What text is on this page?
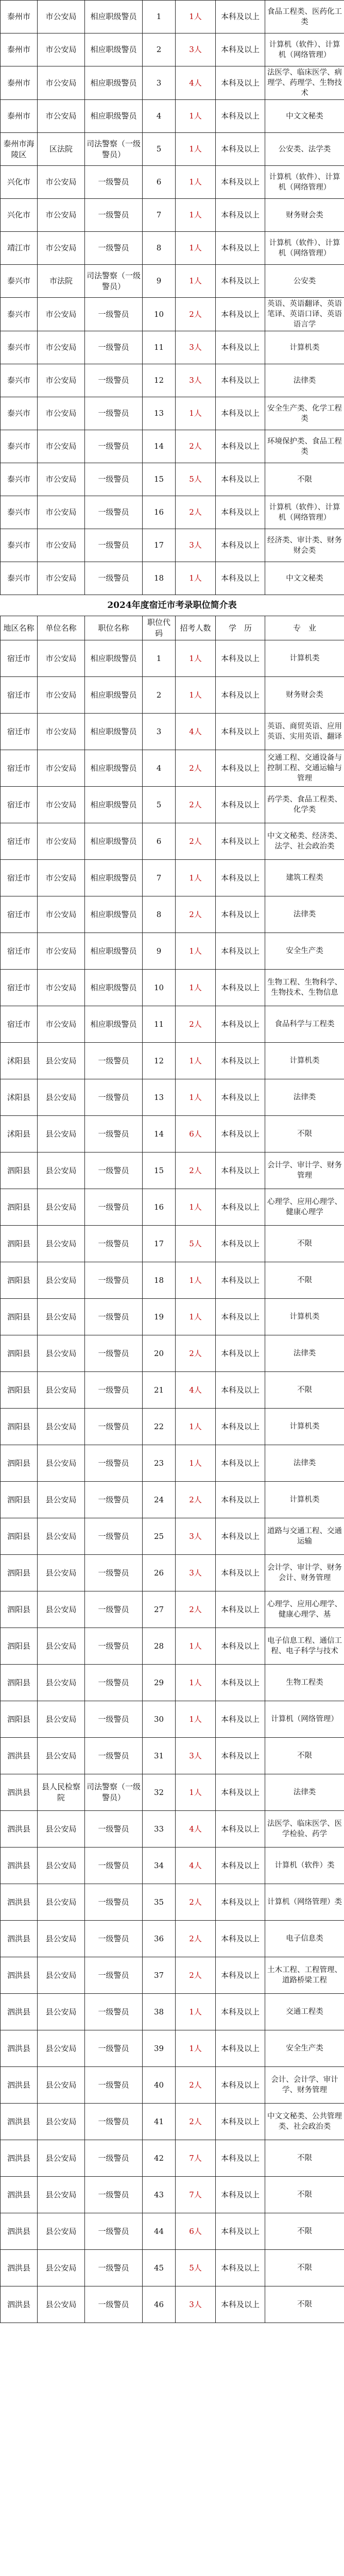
泰州市	市公安局	相应职级警员	1	1人	本科及以上	食品工程类、医药化工类
泰州市	市公安局	相应职级警员	2	3人	本科及以上	计算机（软件）、计算机（网络管理）
泰州市	市公安局	相应职级警员	3	4人	本科及以上	法医学、临床医学、病理学、药理学、生物技术
泰州市	市公安局	相应职级警员	4	1人	本科及以上	中文文秘类
泰州市海陵区	区法院	司法警察（一级警员）	5	1人	本科及以上	公安类、法学类
兴化市	市公安局	一级警员	6	1人	本科及以上	计算机（软件）、计算机（网络管理）
兴化市	市公安局	一级警员	7	1人	本科及以上	财务财会类
靖江市	市公安局	一级警员	8	1人	本科及以上	计算机（软件）、计算机（网络管理）
泰兴市	市法院	司法警察（一级警员）	9	1人	本科及以上	公安类
泰兴市	市公安局	一级警员	10	2人	本科及以上	英语、英语翻译、英语笔译、英语口译、英语语言学
泰兴市	市公安局	一级警员	11	3人	本科及以上	计算机类
泰兴市	市公安局	一级警员	12	3人	本科及以上	法律类
泰兴市	市公安局	一级警员	13	1人	本科及以上	安全生产类、化学工程类
泰兴市	市公安局	一级警员	14	2人	本科及以上	环境保护类、食品工程类
泰兴市	市公安局	一级警员	15	5人	本科及以上	不限
泰兴市	市公安局	一级警员	16	2人	本科及以上	计算机（软件）、计算机（网络管理）
泰兴市	市公安局	一级警员	17	3人	本科及以上	经济类、审计类、财务财会类
泰兴市	市公安局	一级警员	18	1人	本科及以上	中文文秘类
2024年度宿迁市考录职位简介表
地区名称	单位名称	职位名称	职位代码	招考人数	学　历	专　业
宿迁市	市公安局	相应职级警员	1	1人	本科及以上	计算机类
宿迁市	市公安局	相应职级警员	2	1人	本科及以上	财务财会类
宿迁市	市公安局	相应职级警员	3	4人	本科及以上	英语、商贸英语、应用英语、实用英语、翻译
宿迁市	市公安局	相应职级警员	4	2人	本科及以上	交通工程、交通设备与控制工程、交通运输与管理
宿迁市	市公安局	相应职级警员	5	2人	本科及以上	药学类、食品工程类、化学类
宿迁市	市公安局	相应职级警员	6	2人	本科及以上	中文文秘类、经济类、法学、社会政治类
宿迁市	市公安局	相应职级警员	7	1人	本科及以上	建筑工程类
宿迁市	市公安局	相应职级警员	8	2人	本科及以上	法律类
宿迁市	市公安局	相应职级警员	9	1人	本科及以上	安全生产类
宿迁市	市公安局	相应职级警员	10	1人	本科及以上	生物工程、生物科学、生物技术、生物信息
宿迁市	市公安局	相应职级警员	11	2人	本科及以上	食品科学与工程类
沭阳县	县公安局	一级警员	12	1人	本科及以上	计算机类
沭阳县	县公安局	一级警员	13	1人	本科及以上	法律类
沭阳县	县公安局	一级警员	14	6人	本科及以上	不限
泗阳县	县公安局	一级警员	15	2人	本科及以上	会计学、审计学、财务管理
泗阳县	县公安局	一级警员	16	1人	本科及以上	心理学、应用心理学、健康心理学
泗阳县	县公安局	一级警员	17	5人	本科及以上	不限
泗阳县	县公安局	一级警员	18	1人	本科及以上	不限
泗阳县	县公安局	一级警员	19	1人	本科及以上	计算机类
泗阳县	县公安局	一级警员	20	2人	本科及以上	法律类
泗阳县	县公安局	一级警员	21	4人	本科及以上	不限
泗阳县	县公安局	一级警员	22	1人	本科及以上	计算机类
泗阳县	县公安局	一级警员	23	1人	本科及以上	法律类
泗阳县	县公安局	一级警员	24	2人	本科及以上	计算机类
泗阳县	县公安局	一级警员	25	3人	本科及以上	道路与交通工程、交通运输
泗阳县	县公安局	一级警员	26	3人	本科及以上	会计学、审计学、财务会计、财务管理
泗阳县	县公安局	一级警员	27	2人	本科及以上	心理学、应用心理学、健康心理学、基
泗阳县	县公安局	一级警员	28	1人	本科及以上	电子信息工程、通信工程、电子科学与技术
泗阳县	县公安局	一级警员	29	1人	本科及以上	生物工程类
泗阳县	县公安局	一级警员	30	1人	本科及以上	计算机（网络管理）
泗洪县	县公安局	一级警员	31	3人	本科及以上	不限
泗洪县	县人民检察院	司法警察（一级警员）	32	1人	本科及以上	法律类
泗洪县	县公安局	一级警员	33	4人	本科及以上	法医学、临床医学、医学检验、药学
泗洪县	县公安局	一级警员	34	4人	本科及以上	计算机（软件）类
泗洪县	县公安局	一级警员	35	2人	本科及以上	计算机（网络管理）类
泗洪县	县公安局	一级警员	36	2人	本科及以上	电子信息类
泗洪县	县公安局	一级警员	37	2人	本科及以上	土木工程、工程管理、道路桥梁工程
泗洪县	县公安局	一级警员	38	1人	本科及以上	交通工程类
泗洪县	县公安局	一级警员	39	1人	本科及以上	安全生产类
泗洪县	县公安局	一级警员	40	2人	本科及以上	会计、会计学、审计学、财务管理
泗洪县	县公安局	一级警员	41	2人	本科及以上	中文文秘类、公共管理类、社会政治类
泗洪县	县公安局	一级警员	42	7人	本科及以上	不限
泗洪县	县公安局	一级警员	43	7人	本科及以上	不限
泗洪县	县公安局	一级警员	44	6人	本科及以上	不限
泗洪县	县公安局	一级警员	45	5人	本科及以上	不限
泗洪县	县公安局	一级警员	46	3人	本科及以上	不限
